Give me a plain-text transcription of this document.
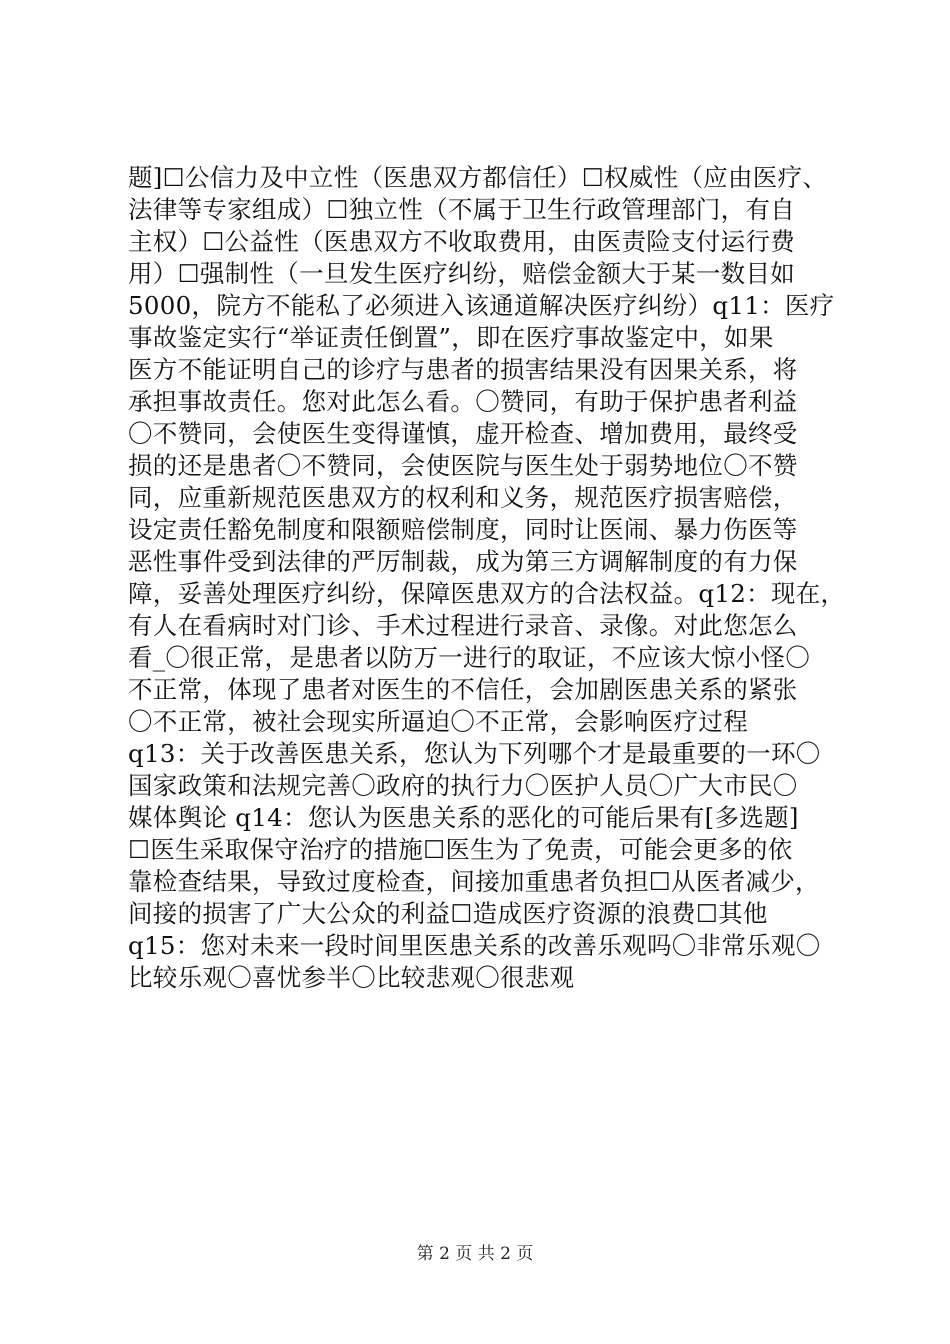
题]☐公信力及中立性（医患双方都信任）☐权威性（应由医疗、
法律等专家组成）☐独立性（不属于卫生行政管理部门，有自
主权）☐公益性（医患双方不收取费用，由医责险支付运行费
用）☐强制性（一旦发生医疗纠纷，赔偿金额大于某一数目如
5000，院方不能私了必须进入该通道解决医疗纠纷）q11：医疗
事故鉴定实行“举证责任倒置”，即在医疗事故鉴定中，如果
医方不能证明自己的诊疗与患者的损害结果没有因果关系，将
承担事故责任。您对此怎么看。〇赞同，有助于保护患者利益
〇不赞同，会使医生变得谨慎，虚开检查、增加费用，最终受
损的还是患者〇不赞同，会使医院与医生处于弱势地位〇不赞
同，应重新规范医患双方的权利和义务，规范医疗损害赔偿，
设定责任豁免制度和限额赔偿制度，同时让医闹、暴力伤医等
恶性事件受到法律的严厉制裁，成为第三方调解制度的有力保
障，妥善处理医疗纠纷，保障医患双方的合法权益。q12：现在，
有人在看病时对门诊、手术过程进行录音、录像。对此您怎么
看_〇很正常，是患者以防万一进行的取证，不应该大惊小怪〇
不正常，体现了患者对医生的不信任，会加剧医患关系的紧张
〇不正常，被社会现实所逼迫〇不正常，会影响医疗过程
q13：关于改善医患关系，您认为下列哪个才是最重要的一环〇
国家政策和法规完善〇政府的执行力〇医护人员〇广大市民〇
媒体舆论 q14：您认为医患关系的恶化的可能后果有[多选题]
☐医生采取保守治疗的措施☐医生为了免责，可能会更多的依
靠检查结果，导致过度检查，间接加重患者负担☐从医者减少，
间接的损害了广大公众的利益☐造成医疗资源的浪费☐其他
q15：您对未来一段时间里医患关系的改善乐观吗〇非常乐观〇
比较乐观〇喜忧参半〇比较悲观〇很悲观
第 2 页 共 2 页
